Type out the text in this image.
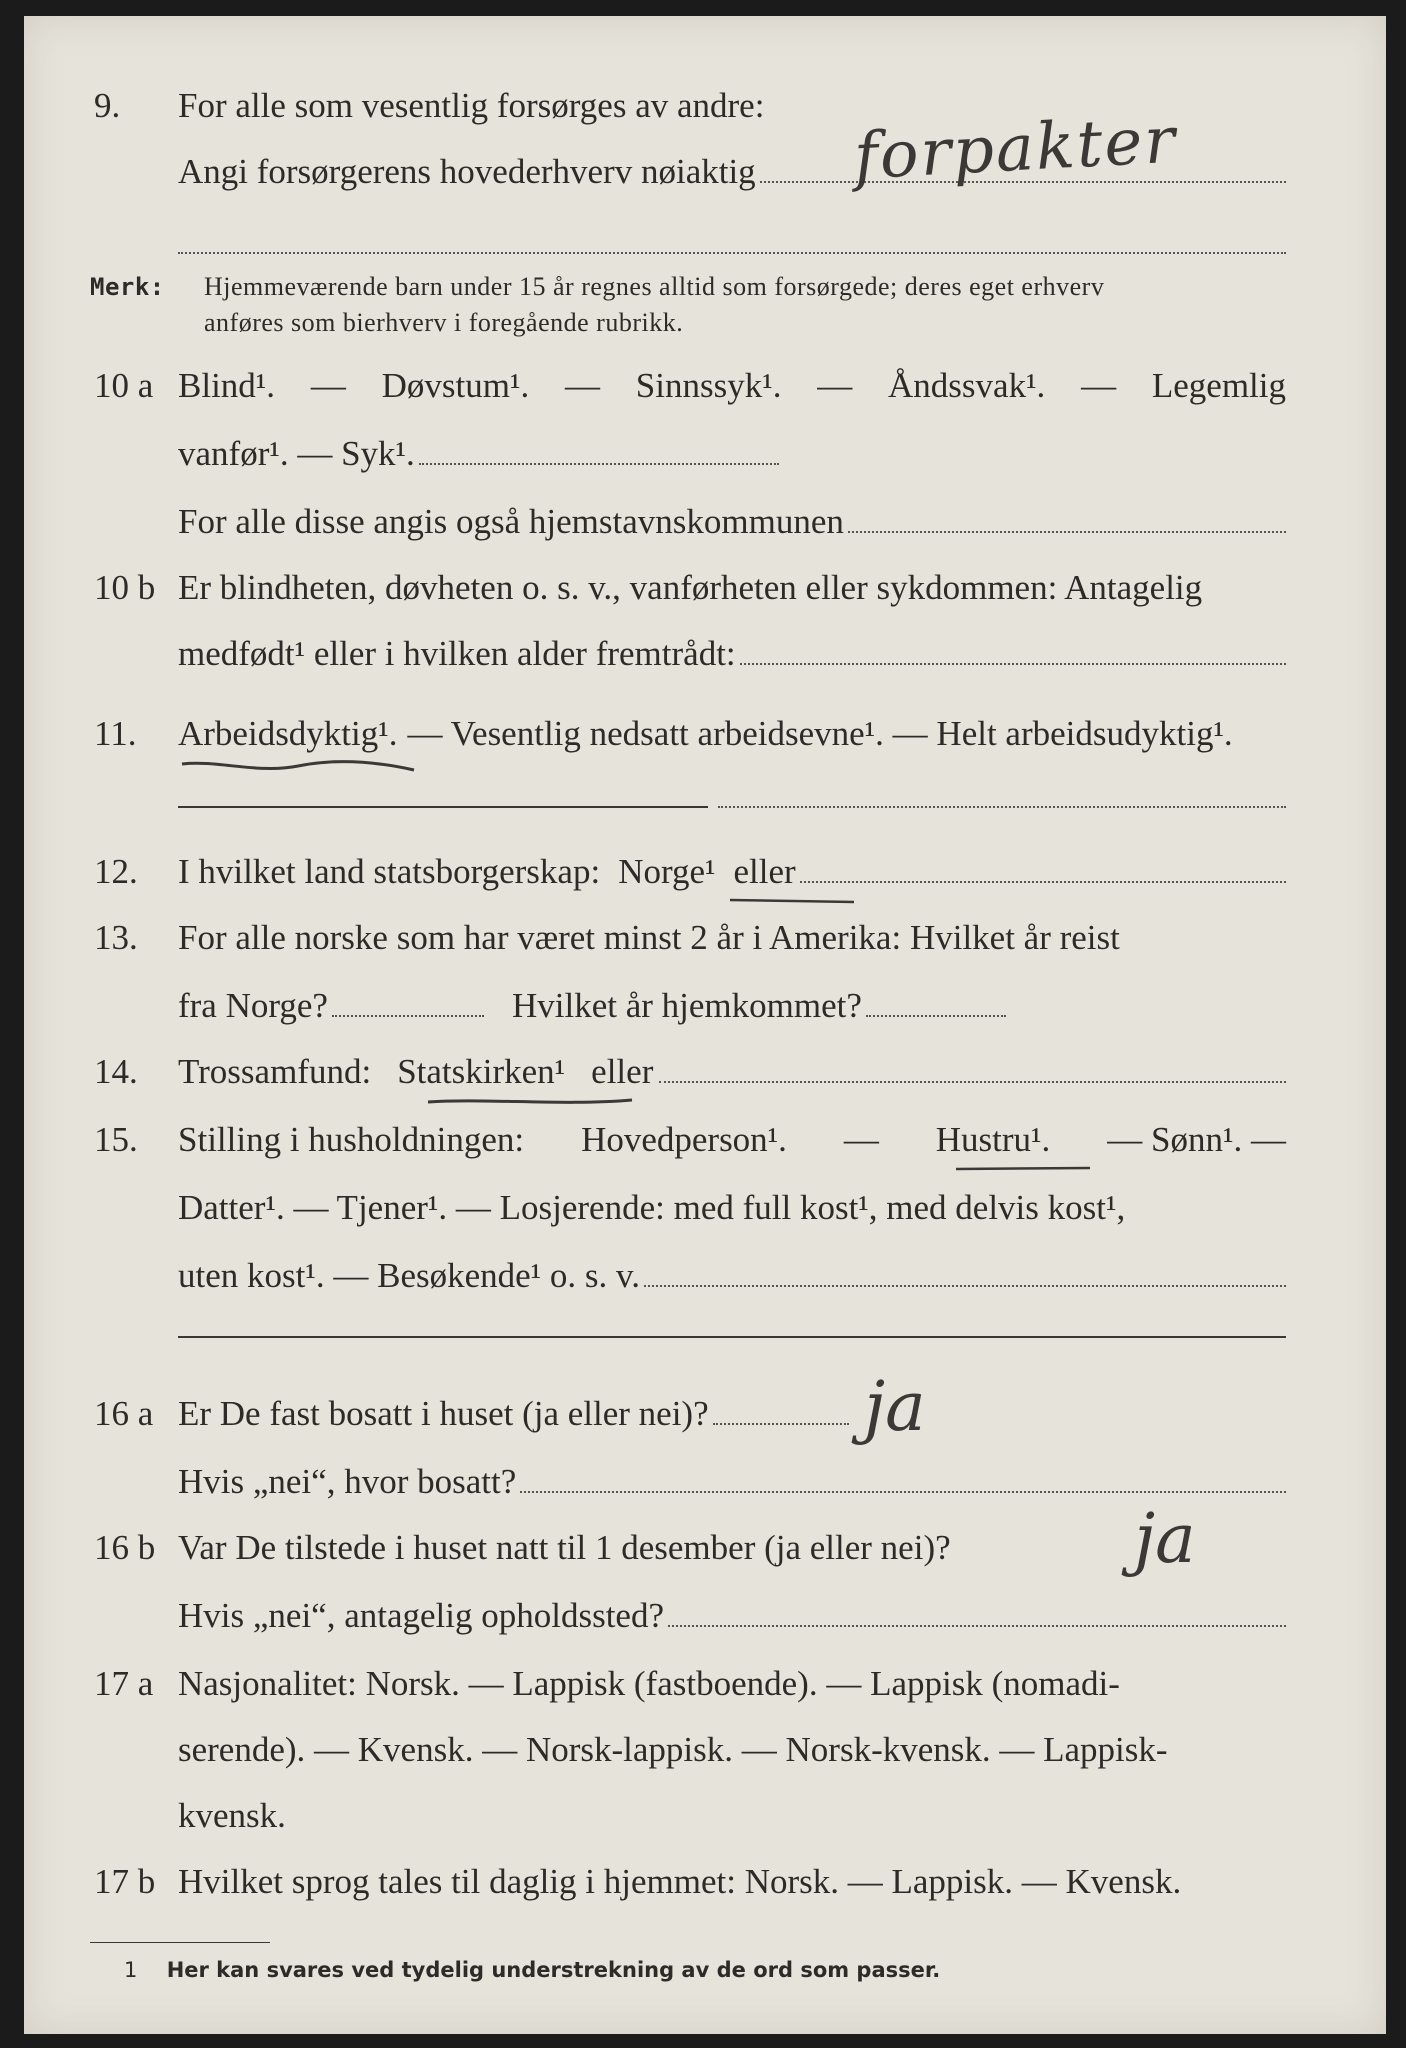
9. For alle som vesentlig forsørges av andre:
Angi forsørgerens hovederhverv nøiaktig forpakter
Merk: Hjemmeværende barn under 15 år regnes alltid som forsørgede; deres eget erhverv
anføres som bierhverv i foregående rubrikk.
10 a Blind¹. — Døvstum¹. — Sinnssyk¹. — Åndssvak¹. — Legemlig
vanfør¹. — Syk¹.
For alle disse angis også hjemstavnskommunen
10 b Er blindheten, døvheten o. s. v., vanførheten eller sykdommen: Antagelig
medfødt¹ eller i hvilken alder fremtrådt:
11. Arbeidsdyktig¹. — Vesentlig nedsatt arbeidsevne¹. — Helt arbeidsudyktig¹.
12. I hvilket land statsborgerskap: Norge¹ eller
13. For alle norske som har været minst 2 år i Amerika: Hvilket år reist
fra Norge?	Hvilket år hjemkommet?
14. Trossamfund: Statskirken¹ eller
15. Stilling i husholdningen: Hovedperson¹. — Hustru¹. — Sønn¹. —
Datter¹. — Tjener¹. — Losjerende: med full kost¹, med delvis kost¹,
uten kost¹. — Besøkende¹ o. s. v.
16 a Er De fast bosatt i huset (ja eller nei)? ja
Hvis „nei“, hvor bosatt?
16 b Var De tilstede i huset natt til 1 desember (ja eller nei)?	ja
Hvis „nei“, antagelig opholdssted?
17 a Nasjonalitet: Norsk. — Lappisk (fastboende). — Lappisk (nomadi-
serende). — Kvensk. — Norsk-lappisk. — Norsk-kvensk. — Lappisk-
kvensk.
17 b Hvilket sprog tales til daglig i hjemmet: Norsk. — Lappisk. — Kvensk.
1 Her kan svares ved tydelig understrekning av de ord som passer.
